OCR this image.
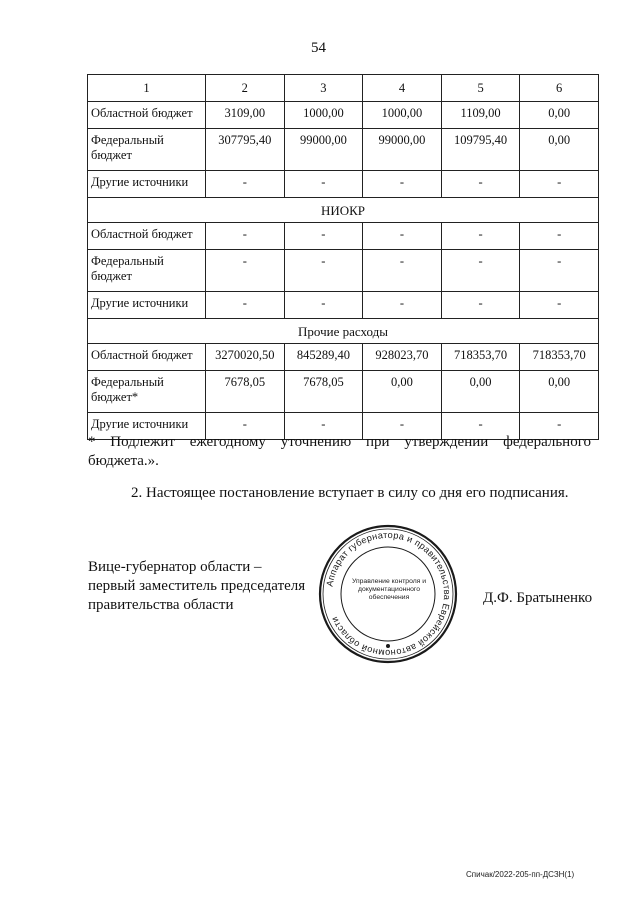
54
1	2	3	4	5	6
Областной бюджет	3109,00	1000,00	1000,00	1109,00	0,00
Федеральный бюджет	307795,40	99000,00	99000,00	109795,40	0,00
Другие источники	-	-	-	-	-
НИОКР					
Областной бюджет	-	-	-	-	-
Федеральный бюджет	-	-	-	-	-
Другие источники	-	-	-	-	-
Прочие расходы					
Областной бюджет	3270020,50	845289,40	928023,70	718353,70	718353,70
Федеральный бюджет*	7678,05	7678,05	0,00	0,00	0,00
Другие источники	-	-	-	-	-
* Подлежит ежегодному уточнению при утверждении федерального
бюджета.».
2. Настоящее постановление вступает в силу со дня его подписания.
Вице-губернатор области –
первый заместитель председателя
правительства области
Аппарат губернатора и правительства Еврейской автономной области
Управление контроля и
документационного
обеспечения	Д.Ф. Братыненко
Спичак/2022-205-пп-ДСЗН(1)
